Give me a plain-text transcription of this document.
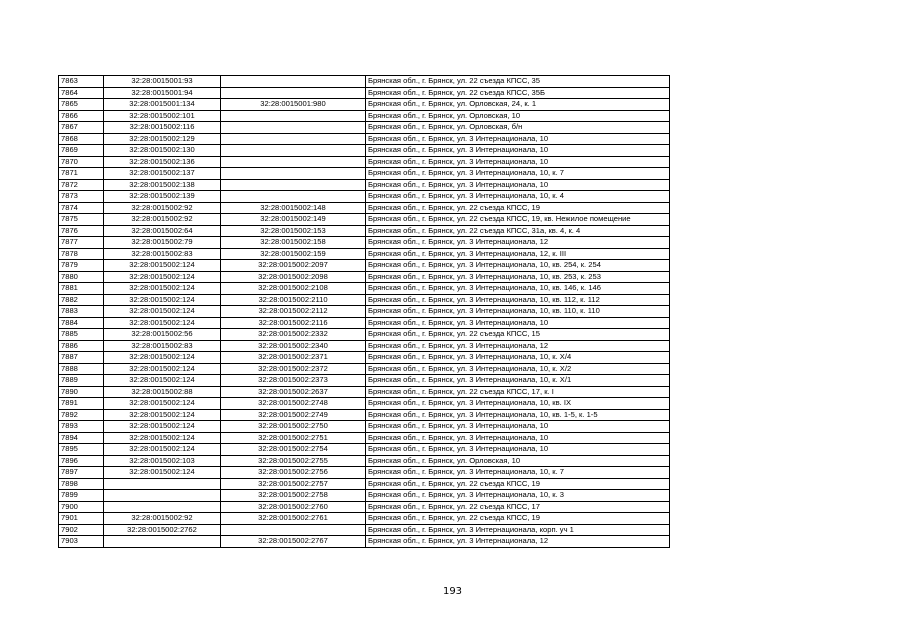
7863	32:28:0015001:93		Брянская обл., г. Брянск, ул. 22 съезда КПСС, 35
7864	32:28:0015001:94		Брянская обл., г. Брянск, ул. 22 съезда КПСС, 35Б
7865	32:28:0015001:134	32:28:0015001:980	Брянская обл., г. Брянск, ул. Орловская, 24, к. 1
7866	32:28:0015002:101		Брянская обл., г. Брянск, ул. Орловская, 10
7867	32:28:0015002:116		Брянская обл., г. Брянск, ул. Орловская, б/н
7868	32:28:0015002:129		Брянская обл., г. Брянск, ул. 3 Интернационала, 10
7869	32:28:0015002:130		Брянская обл., г. Брянск, ул. 3 Интернационала, 10
7870	32:28:0015002:136		Брянская обл., г. Брянск, ул. 3 Интернационала, 10
7871	32:28:0015002:137		Брянская обл., г. Брянск, ул. 3 Интернационала, 10, к. 7
7872	32:28:0015002:138		Брянская обл., г. Брянск, ул. 3 Интернационала, 10
7873	32:28:0015002:139		Брянская обл., г. Брянск, ул. 3 Интернационала, 10, к. 4
7874	32:28:0015002:92	32:28:0015002:148	Брянская обл., г. Брянск, ул. 22 съезда КПСС, 19
7875	32:28:0015002:92	32:28:0015002:149	Брянская обл., г. Брянск, ул. 22 съезда КПСС, 19, кв. Нежилое помещение
7876	32:28:0015002:64	32:28:0015002:153	Брянская обл., г. Брянск, ул. 22 съезда КПСС, 31а, кв. 4, к. 4
7877	32:28:0015002:79	32:28:0015002:158	Брянская обл., г. Брянск, ул. 3 Интернационала, 12
7878	32:28:0015002:83	32:28:0015002:159	Брянская обл., г. Брянск, ул. 3 Интернационала, 12, к. III
7879	32:28:0015002:124	32:28:0015002:2097	Брянская обл., г. Брянск, ул. 3 Интернационала, 10, кв. 254, к. 254
7880	32:28:0015002:124	32:28:0015002:2098	Брянская обл., г. Брянск, ул. 3 Интернационала, 10, кв. 253, к. 253
7881	32:28:0015002:124	32:28:0015002:2108	Брянская обл., г. Брянск, ул. 3 Интернационала, 10, кв. 146, к. 146
7882	32:28:0015002:124	32:28:0015002:2110	Брянская обл., г. Брянск, ул. 3 Интернационала, 10, кв. 112, к. 112
7883	32:28:0015002:124	32:28:0015002:2112	Брянская обл., г. Брянск, ул. 3 Интернационала, 10, кв. 110, к. 110
7884	32:28:0015002:124	32:28:0015002:2116	Брянская обл., г. Брянск, ул. 3 Интернационала, 10
7885	32:28:0015002:56	32:28:0015002:2332	Брянская обл., г. Брянск, ул. 22 съезда КПСС, 15
7886	32:28:0015002:83	32:28:0015002:2340	Брянская обл., г. Брянск, ул. 3 Интернационала, 12
7887	32:28:0015002:124	32:28:0015002:2371	Брянская обл., г. Брянск, ул. 3 Интернационала, 10, к. Х/4
7888	32:28:0015002:124	32:28:0015002:2372	Брянская обл., г. Брянск, ул. 3 Интернационала, 10, к. Х/2
7889	32:28:0015002:124	32:28:0015002:2373	Брянская обл., г. Брянск, ул. 3 Интернационала, 10, к. Х/1
7890	32:28:0015002:88	32:28:0015002:2637	Брянская обл., г. Брянск, ул. 22 съезда КПСС, 17, к. I
7891	32:28:0015002:124	32:28:0015002:2748	Брянская обл., г. Брянск, ул. 3 Интернационала, 10, кв. IX
7892	32:28:0015002:124	32:28:0015002:2749	Брянская обл., г. Брянск, ул. 3 Интернационала, 10, кв. 1-5, к. 1-5
7893	32:28:0015002:124	32:28:0015002:2750	Брянская обл., г. Брянск, ул. 3 Интернационала, 10
7894	32:28:0015002:124	32:28:0015002:2751	Брянская обл., г. Брянск, ул. 3 Интернационала, 10
7895	32:28:0015002:124	32:28:0015002:2754	Брянская обл., г. Брянск, ул. 3 Интернационала, 10
7896	32:28:0015002:103	32:28:0015002:2755	Брянская обл., г. Брянск, ул. Орловская, 10
7897	32:28:0015002:124	32:28:0015002:2756	Брянская обл., г. Брянск, ул. 3 Интернационала, 10, к. 7
7898		32:28:0015002:2757	Брянская обл., г. Брянск, ул. 22 съезда КПСС, 19
7899		32:28:0015002:2758	Брянская обл., г. Брянск, ул. 3 Интернационала, 10, к. 3
7900		32:28:0015002:2760	Брянская обл., г. Брянск, ул. 22 съезда КПСС, 17
7901	32:28:0015002:92	32:28:0015002:2761	Брянская обл., г. Брянск, ул. 22 съезда КПСС, 19
7902	32:28:0015002:2762		Брянская обл., г. Брянск, ул. 3 Интернационала, корп. уч 1
7903		32:28:0015002:2767	Брянская обл., г. Брянск, ул. 3 Интернационала, 12
193
